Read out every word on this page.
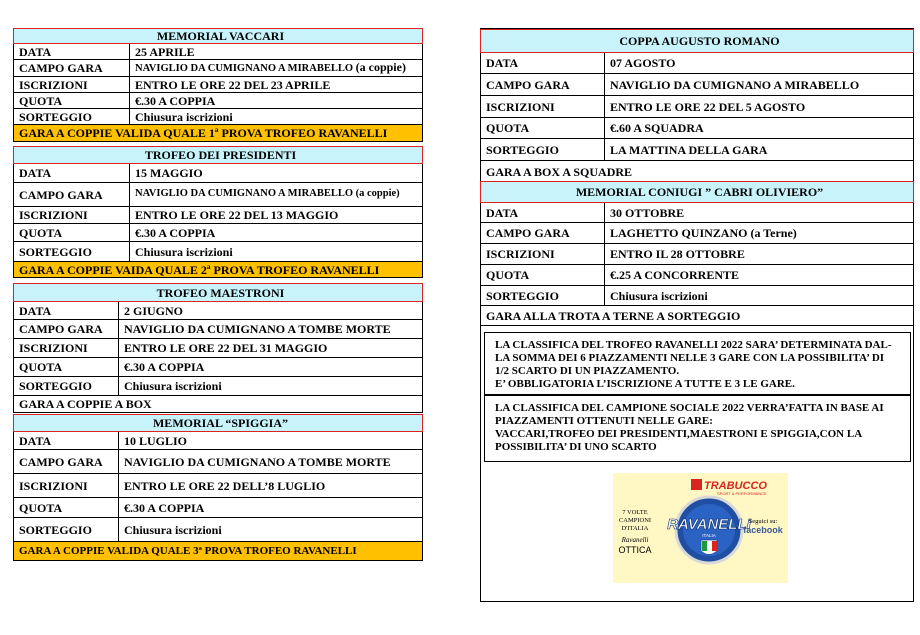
MEMORIAL VACCARI	
DATA	25 APRILE
CAMPO GARA	NAVIGLIO DA CUMIGNANO A MIRABELLO (a coppie)
ISCRIZIONI	ENTRO LE ORE 22 DEL 23 APRILE
QUOTA	€.30 A COPPIA
SORTEGGIO	Chiusura iscrizioni
GARA A COPPIE VALIDA QUALE 1ª PROVA TROFEO RAVANELLI	
TROFEO DEI PRESIDENTI	
DATA	15 MAGGIO
CAMPO GARA	NAVIGLIO DA CUMIGNANO A MIRABELLO (a coppie)
ISCRIZIONI	ENTRO LE ORE 22 DEL 13 MAGGIO
QUOTA	€.30 A COPPIA
SORTEGGIO	Chiusura iscrizioni
GARA A COPPIE VAIDA QUALE 2ª PROVA TROFEO RAVANELLI	
TROFEO MAESTRONI	
DATA	2 GIUGNO
CAMPO GARA	NAVIGLIO DA CUMIGNANO A TOMBE MORTE
ISCRIZIONI	ENTRO LE ORE 22 DEL 31 MAGGIO
QUOTA	€.30 A COPPIA
SORTEGGIO	Chiusura iscrizioni
GARA A COPPIE A BOX	
MEMORIAL “SPIGGIA”	
DATA	10 LUGLIO
CAMPO GARA	NAVIGLIO DA CUMIGNANO A TOMBE MORTE
ISCRIZIONI	ENTRO LE ORE 22 DELL’8 LUGLIO
QUOTA	€.30 A COPPIA
SORTEGGIO	Chiusura iscrizioni
GARA A COPPIE VALIDA QUALE 3ª PROVA TROFEO RAVANELLI	
COPPA AUGUSTO ROMANO	
DATA	07 AGOSTO
CAMPO GARA	NAVIGLIO DA CUMIGNANO A MIRABELLO
ISCRIZIONI	ENTRO LE ORE 22 DEL 5 AGOSTO
QUOTA	€.60 A SQUADRA
SORTEGGIO	LA MATTINA DELLA GARA
GARA A BOX A SQUADRE	
MEMORIAL CONIUGI ” CABRI OLIVIERO”	
DATA	30 OTTOBRE
CAMPO GARA	LAGHETTO QUINZANO (a Terne)
ISCRIZIONI	ENTRO IL 28 OTTOBRE
QUOTA	€.25 A CONCORRENTE
SORTEGGIO	Chiusura iscrizioni
GARA ALLA TROTA A TERNE A SORTEGGIO	

LA CLASSIFICA DEL TROFEO RAVANELLI 2022 SARA’ DETERMINATA DAL-
LA SOMMA DEI 6 PIAZZAMENTI NELLE 3 GARE CON LA POSSIBILITA’ DI
1/2 SCARTO DI UN PIAZZAMENTO.
E’ OBBLIGATORIA L’ISCRIZIONE A TUTTE E 3 LE GARE.

LA CLASSIFICA DEL CAMPIONE SOCIALE 2022 VERRA’FATTA IN BASE AI
PIAZZAMENTI OTTENUTI NELLE GARE:
VACCARI,TROFEO DEI PRESIDENTI,MAESTRONI E SPIGGIA,CON LA
POSSIBILITA’ DI UNO SCARTO

TRABUCCO
SPORT & PERFORMANCE
7 VOLTE
CAMPIONI
D'ITALIA
Ravanelli
OTTICA
RAVANELLI
ITALIA
Seguici su:
facebook
